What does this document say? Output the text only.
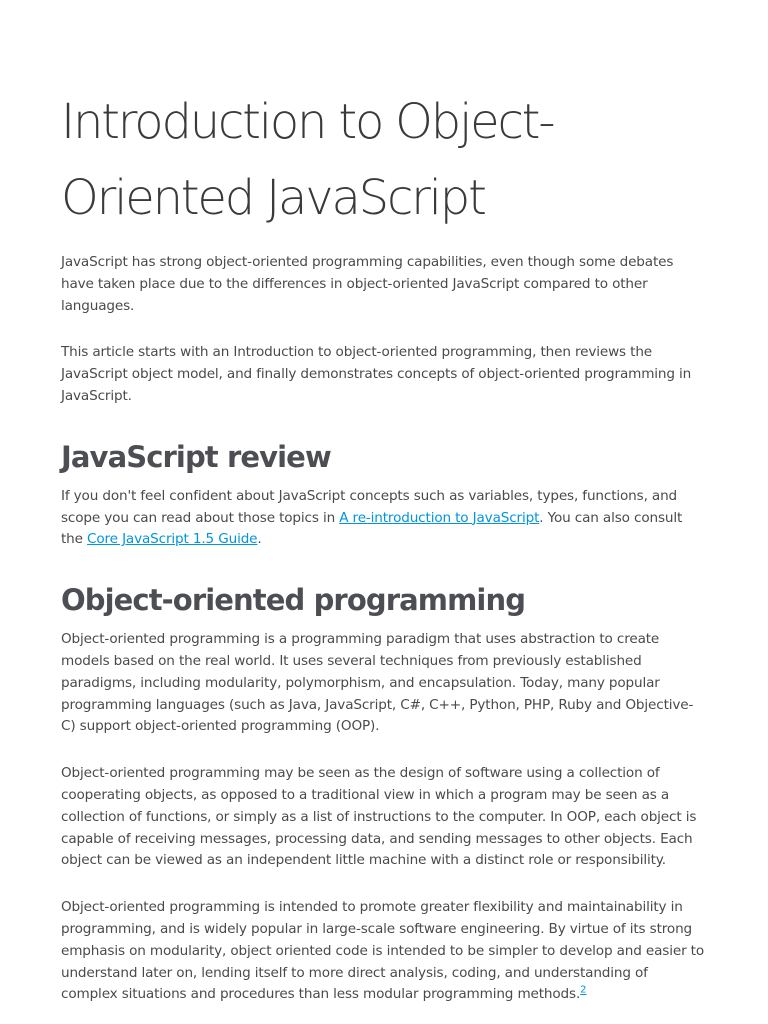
Introduction to Object-Oriented JavaScript

JavaScript has strong object-oriented programming capabilities, even though some debates have taken place due to the differences in object-oriented JavaScript compared to other languages.

This article starts with an Introduction to object-oriented programming, then reviews the JavaScript object model, and finally demonstrates concepts of object-oriented programming in JavaScript.

JavaScript review

If you don't feel confident about JavaScript concepts such as variables, types, functions, and scope you can read about those topics in A re-introduction to JavaScript. You can also consult the Core JavaScript 1.5 Guide.

Object-oriented programming

Object-oriented programming is a programming paradigm that uses abstraction to create models based on the real world. It uses several techniques from previously established paradigms, including modularity, polymorphism, and encapsulation. Today, many popular programming languages (such as Java, JavaScript, C#, C++, Python, PHP, Ruby and Objective-C) support object-oriented programming (OOP).

Object-oriented programming may be seen as the design of software using a collection of cooperating objects, as opposed to a traditional view in which a program may be seen as a collection of functions, or simply as a list of instructions to the computer. In OOP, each object is capable of receiving messages, processing data, and sending messages to other objects. Each object can be viewed as an independent little machine with a distinct role or responsibility.

Object-oriented programming is intended to promote greater flexibility and maintainability in programming, and is widely popular in large-scale software engineering. By virtue of its strong emphasis on modularity, object oriented code is intended to be simpler to develop and easier to understand later on, lending itself to more direct analysis, coding, and understanding of complex situations and procedures than less modular programming methods.$^2$
